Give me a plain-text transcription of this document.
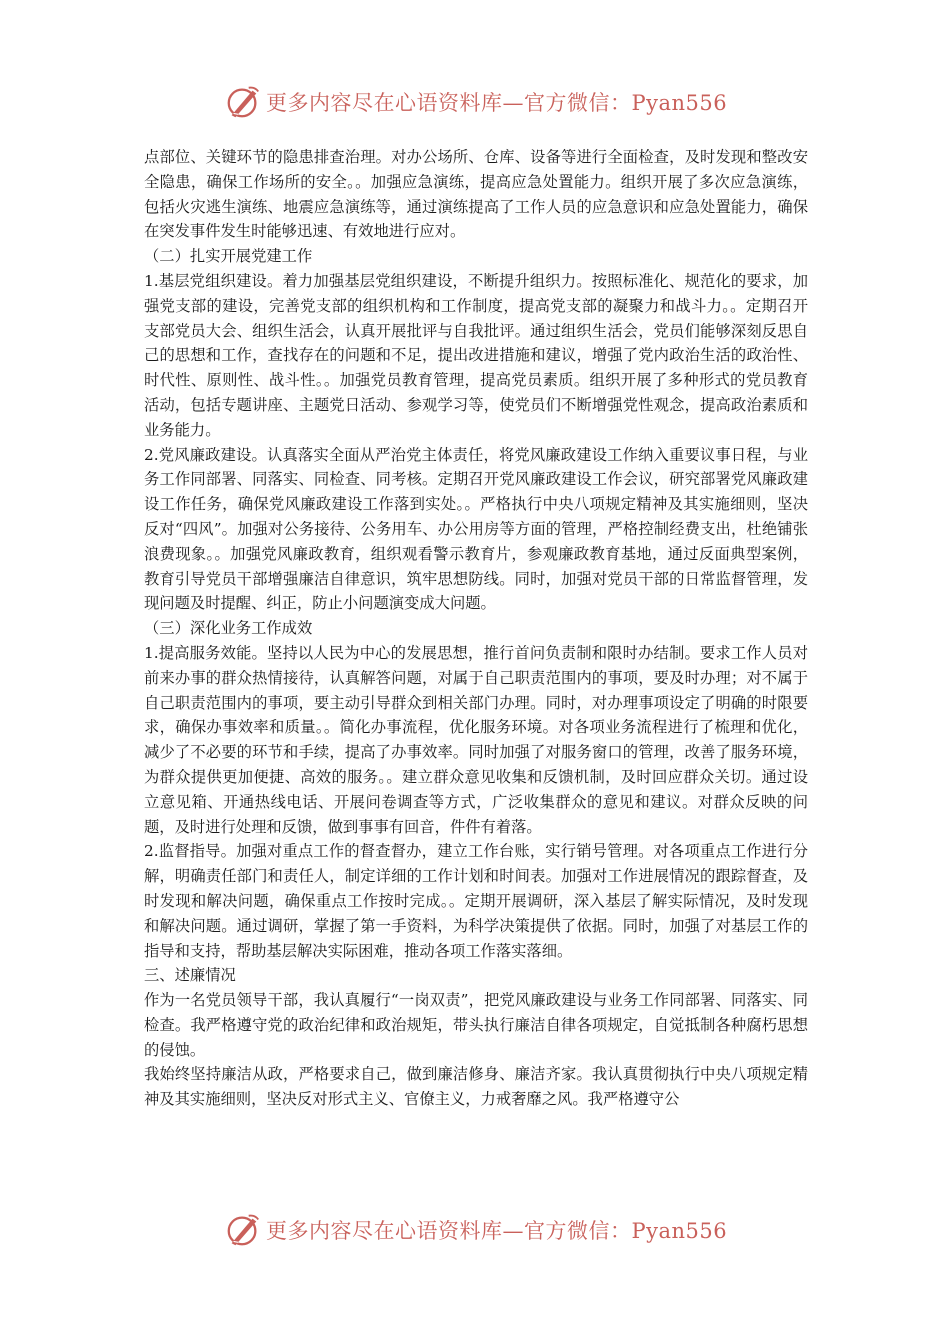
更多内容尽在心语资料库—官方微信：Pyan556

点部位、关键环节的隐患排查治理。对办公场所、仓库、设备等进行全面检查，及时发现和整改安全隐患，确保工作场所的安全。。加强应急演练，提高应急处置能力。组织开展了多次应急演练，包括火灾逃生演练、地震应急演练等，通过演练提高了工作人员的应急意识和应急处置能力，确保在突发事件发生时能够迅速、有效地进行应对。

（二）扎实开展党建工作

1.基层党组织建设。着力加强基层党组织建设，不断提升组织力。按照标准化、规范化的要求，加强党支部的建设，完善党支部的组织机构和工作制度，提高党支部的凝聚力和战斗力。。定期召开支部党员大会、组织生活会，认真开展批评与自我批评。通过组织生活会，党员们能够深刻反思自己的思想和工作，查找存在的问题和不足，提出改进措施和建议，增强了党内政治生活的政治性、时代性、原则性、战斗性。。加强党员教育管理，提高党员素质。组织开展了多种形式的党员教育活动，包括专题讲座、主题党日活动、参观学习等，使党员们不断增强党性观念，提高政治素质和业务能力。

2.党风廉政建设。认真落实全面从严治党主体责任，将党风廉政建设工作纳入重要议事日程，与业务工作同部署、同落实、同检查、同考核。定期召开党风廉政建设工作会议，研究部署党风廉政建设工作任务，确保党风廉政建设工作落到实处。。严格执行中央八项规定精神及其实施细则，坚决反对“四风”。加强对公务接待、公务用车、办公用房等方面的管理，严格控制经费支出，杜绝铺张浪费现象。。加强党风廉政教育，组织观看警示教育片，参观廉政教育基地，通过反面典型案例，教育引导党员干部增强廉洁自律意识，筑牢思想防线。同时，加强对党员干部的日常监督管理，发现问题及时提醒、纠正，防止小问题演变成大问题。

（三）深化业务工作成效

1.提高服务效能。坚持以人民为中心的发展思想，推行首问负责制和限时办结制。要求工作人员对前来办事的群众热情接待，认真解答问题，对属于自己职责范围内的事项，要及时办理；对不属于自己职责范围内的事项，要主动引导群众到相关部门办理。同时，对办理事项设定了明确的时限要求，确保办事效率和质量。。简化办事流程，优化服务环境。对各项业务流程进行了梳理和优化，减少了不必要的环节和手续，提高了办事效率。同时加强了对服务窗口的管理，改善了服务环境，为群众提供更加便捷、高效的服务。。建立群众意见收集和反馈机制，及时回应群众关切。通过设立意见箱、开通热线电话、开展问卷调查等方式，广泛收集群众的意见和建议。对群众反映的问题，及时进行处理和反馈，做到事事有回音，件件有着落。

2.监督指导。加强对重点工作的督查督办，建立工作台账，实行销号管理。对各项重点工作进行分解，明确责任部门和责任人，制定详细的工作计划和时间表。加强对工作进展情况的跟踪督查，及时发现和解决问题，确保重点工作按时完成。。定期开展调研，深入基层了解实际情况，及时发现和解决问题。通过调研，掌握了第一手资料，为科学决策提供了依据。同时，加强了对基层工作的指导和支持，帮助基层解决实际困难，推动各项工作落实落细。

三、述廉情况

作为一名党员领导干部，我认真履行“一岗双责”，把党风廉政建设与业务工作同部署、同落实、同检查。我严格遵守党的政治纪律和政治规矩，带头执行廉洁自律各项规定，自觉抵制各种腐朽思想的侵蚀。

我始终坚持廉洁从政，严格要求自己，做到廉洁修身、廉洁齐家。我认真贯彻执行中央八项规定精神及其实施细则，坚决反对形式主义、官僚主义，力戒奢靡之风。我严格遵守公

更多内容尽在心语资料库—官方微信：Pyan556
